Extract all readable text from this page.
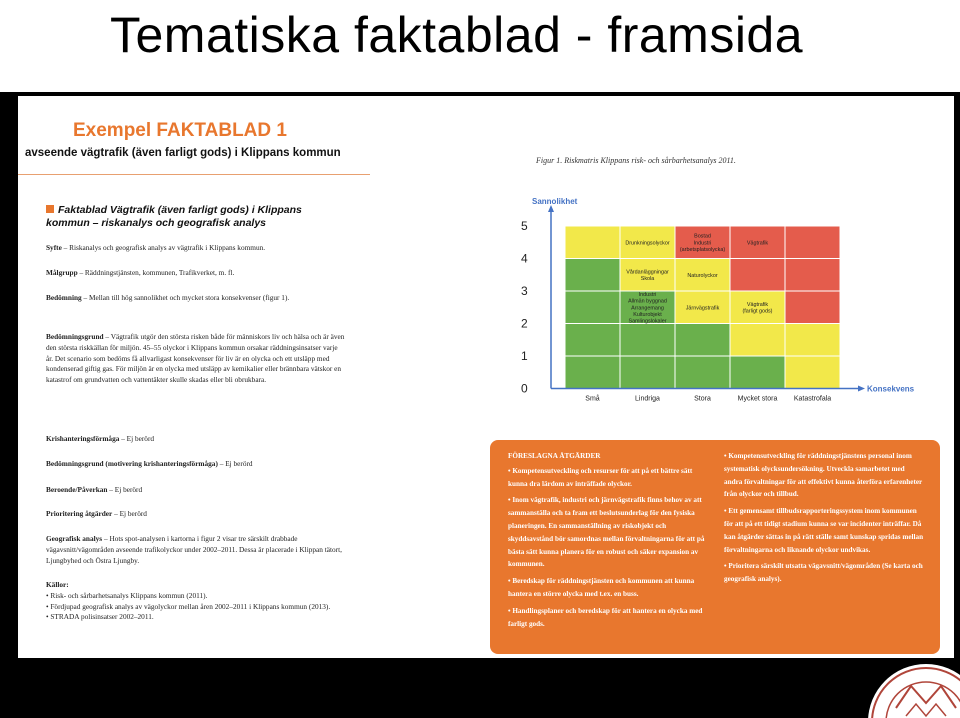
Tematiska faktablad - framsida
Exempel FAKTABLAD 1
avseende vägtrafik (även farligt gods) i Klippans kommun
Faktablad Vägtrafik (även farligt gods) i Klippans kommun – riskanalys och geografisk analys
Syfte – Riskanalys och geografisk analys av vägtrafik i Klippans kommun.
Målgrupp – Räddningstjänsten, kommunen, Trafikverket, m. fl.
Bedömning – Mellan till hög sannolikhet och mycket stora konsekvenser (figur 1).
Bedömningsgrund – Vägtrafik utgör den största risken både för människors liv och hälsa och är även den största riskkällan för miljön. 45–55 olyckor i Klippans kommun orsakar räddningsinsatser varje år. Det scenario som bedöms få allvarligast konsekvenser för liv är en olycka och ett utsläpp med kondenserad giftig gas. För miljön är en olycka med utsläpp av kemikalier eller brännbara vätskor en katastrof om grundvatten och vattentäkter skulle skadas eller bli obrukbara.
Krishanteringsförmåga – Ej berörd
Bedömningsgrund (motivering krishanteringsförmåga) – Ej berörd
Beroende/Påverkan – Ej berörd
Prioritering åtgärder – Ej berörd
Geografisk analys – Hots spot-analysen i kartorna i figur 2 visar tre särskilt drabbade vägavsnitt/vägområden avseende trafikolyckor under 2002–2011. Dessa är placerade i Klippan tätort, Ljungbyhed och Östra Ljungby.
Källor:
• Risk- och sårbarhetsanalys Klippans kommun (2011).
• Fördjupad geografisk analys av vägolyckor mellan åren 2002–2011 i Klippans kommun (2013).
• STRADA polisinsatser 2002–2011.
Figur 1. Riskmatris Klippans risk- och sårbarhetsanalys 2011.
Sannolikhet
Konsekvens
0
1
2
3
4
5
Små	Lindriga	Stora	Mycket stora Katastrofala
Drunkningsolyckor
Bostad Industri (arbetsplatsolycka)
Vägtrafik
Vårdanläggningar Skola
Naturolyckor
Industri Allmän byggnad Arrangemang Kulturobjekt Samlingslokaler
Järnvägstrafik
Vägtrafik (farligt gods)

FÖRESLAGNA ÅTGÄRDER

• Kompetensutveckling och resurser för att på ett bättre sätt kunna dra lärdom av inträffade olyckor.

• Inom vägtrafik, industri och järnvägstrafik finns behov av att sammanställa och ta fram ett beslutsunderlag för den fysiska planeringen. En sammanställning av riskobjekt och skyddsavstånd bör samordnas mellan förvaltningarna för att på bästa sätt kunna planera för en robust och säker expansion av kommunen.

• Beredskap för räddningstjänsten och kommunen att kunna hantera en större olycka med t.ex. en buss.

• Handlingsplaner och beredskap för att hantera en olycka med farligt gods.

• Kompetensutveckling för räddningstjänstens personal inom systematisk olycksundersökning. Utveckla samarbetet med andra förvaltningar för att effektivt kunna återföra erfarenheter från olyckor och tillbud.

• Ett gemensamt tillbudsrapporteringssystem inom kommunen för att på ett tidigt stadium kunna se var incidenter inträffar. Då kan åtgärder sättas in på rätt ställe samt kunskap spridas mellan förvaltningarna och liknande olyckor undvikas.

• Prioritera särskilt utsatta vägavsnitt/vägområden (Se karta och geografisk analys).
